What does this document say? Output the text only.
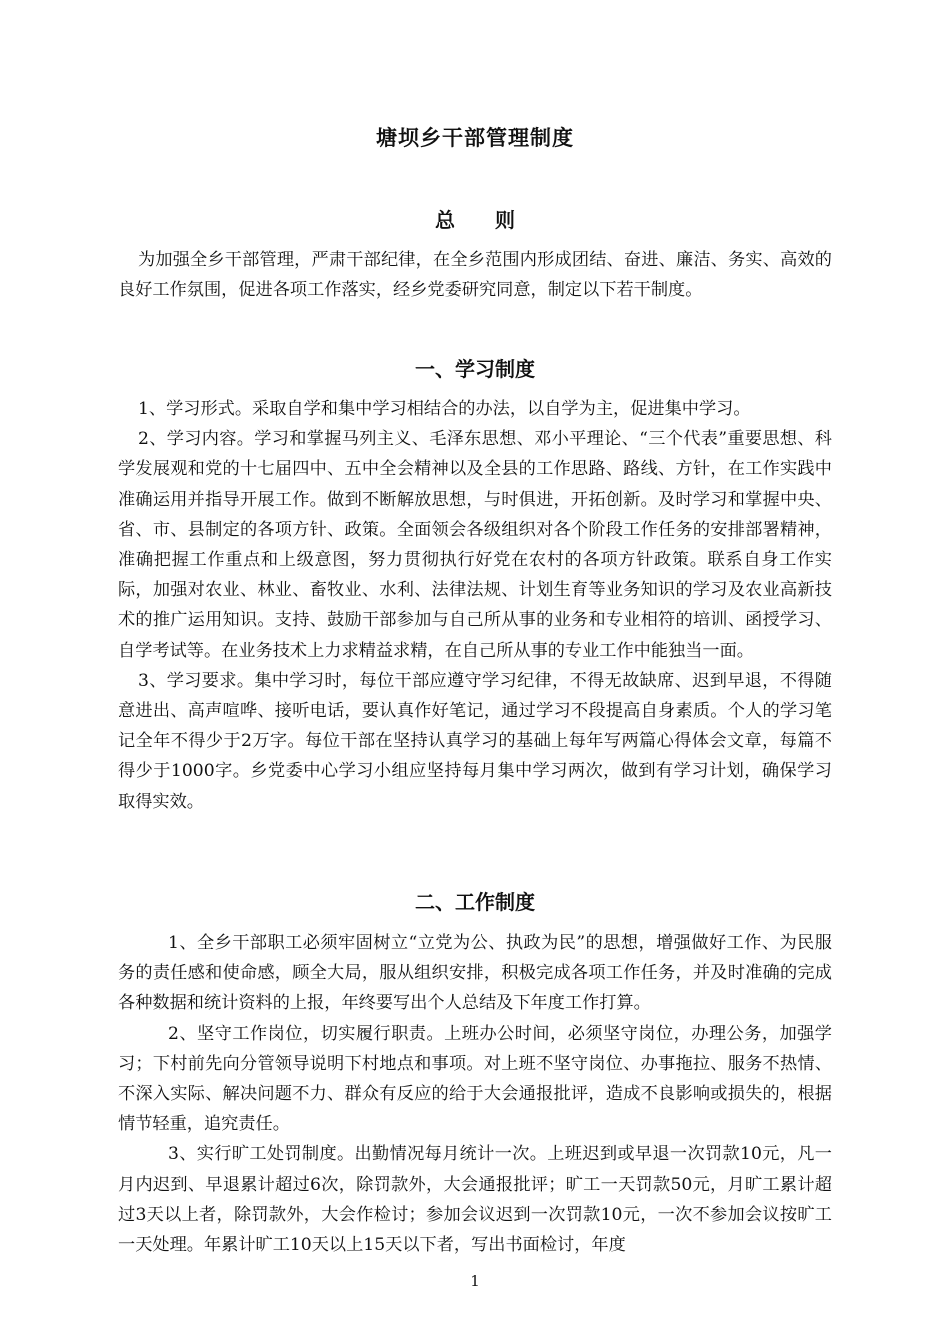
塘坝乡干部管理制度
总 则

为加强全乡干部管理，严肃干部纪律，在全乡范围内形成团结、奋进、廉洁、务实、高效的良好工作氛围，促进各项工作落实，经乡党委研究同意，制定以下若干制度。

一、学习制度

1、学习形式。采取自学和集中学习相结合的办法，以自学为主，促进集中学习。

2、学习内容。学习和掌握马列主义、毛泽东思想、邓小平理论、“三个代表”重要思想、科学发展观和党的十七届四中、五中全会精神以及全县的工作思路、路线、方针，在工作实践中准确运用并指导开展工作。做到不断解放思想，与时俱进，开拓创新。及时学习和掌握中央、省、市、县制定的各项方针、政策。全面领会各级组织对各个阶段工作任务的安排部署精神，准确把握工作重点和上级意图，努力贯彻执行好党在农村的各项方针政策。联系自身工作实际，加强对农业、林业、畜牧业、水利、法律法规、计划生育等业务知识的学习及农业高新技术的推广运用知识。支持、鼓励干部参加与自己所从事的业务和专业相符的培训、函授学习、自学考试等。在业务技术上力求精益求精，在自己所从事的专业工作中能独当一面。

3、学习要求。集中学习时，每位干部应遵守学习纪律，不得无故缺席、迟到早退，不得随意进出、高声喧哗、接听电话，要认真作好笔记，通过学习不段提高自身素质。个人的学习笔记全年不得少于2万字。每位干部在坚持认真学习的基础上每年写两篇心得体会文章，每篇不得少于1000字。乡党委中心学习小组应坚持每月集中学习两次，做到有学习计划，确保学习取得实效。

二、工作制度

1、全乡干部职工必须牢固树立“立党为公、执政为民”的思想，增强做好工作、为民服务的责任感和使命感，顾全大局，服从组织安排，积极完成各项工作任务，并及时准确的完成各种数据和统计资料的上报，年终要写出个人总结及下年度工作打算。

2、坚守工作岗位，切实履行职责。上班办公时间，必须坚守岗位，办理公务，加强学习；下村前先向分管领导说明下村地点和事项。对上班不坚守岗位、办事拖拉、服务不热情、不深入实际、解决问题不力、群众有反应的给于大会通报批评，造成不良影响或损失的，根据情节轻重，追究责任。

3、实行旷工处罚制度。出勤情况每月统计一次。上班迟到或早退一次罚款10元，凡一月内迟到、早退累计超过6次，除罚款外，大会通报批评；旷工一天罚款50元，月旷工累计超过3天以上者，除罚款外，大会作检讨；参加会议迟到一次罚款10元，一次不参加会议按旷工一天处理。年累计旷工10天以上15天以下者，写出书面检讨，年度

1
